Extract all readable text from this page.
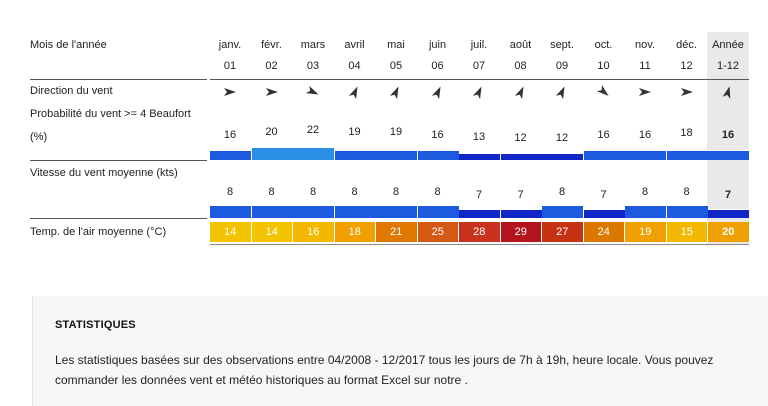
Mois de l'année
Direction du vent
Probabilité du vent >= 4 Beaufort
(%)
Vitesse du vent moyenne (kts)
Temp. de l'air moyenne (°C)
janv.
01
16
8
14
févr.
02
20
8
14
mars
03
22
8
16
avril
04
19
8
18
mai
05
19
8
21
juin
06
16
8
25
juil.
07
13
7
28
août
08
12
7
29
sept.
09
12
8
27
oct.
10
16
7
24
nov.
11
16
8
19
déc.
12
18
8
15
Année
1-12
16
7
20
STATISTIQUES
Les statistiques basées sur des observations entre 04/2008 - 12/2017 tous les jours de 7h à 19h, heure locale. Vous pouvez commander les données vent et météo historiques au format Excel sur notre .
